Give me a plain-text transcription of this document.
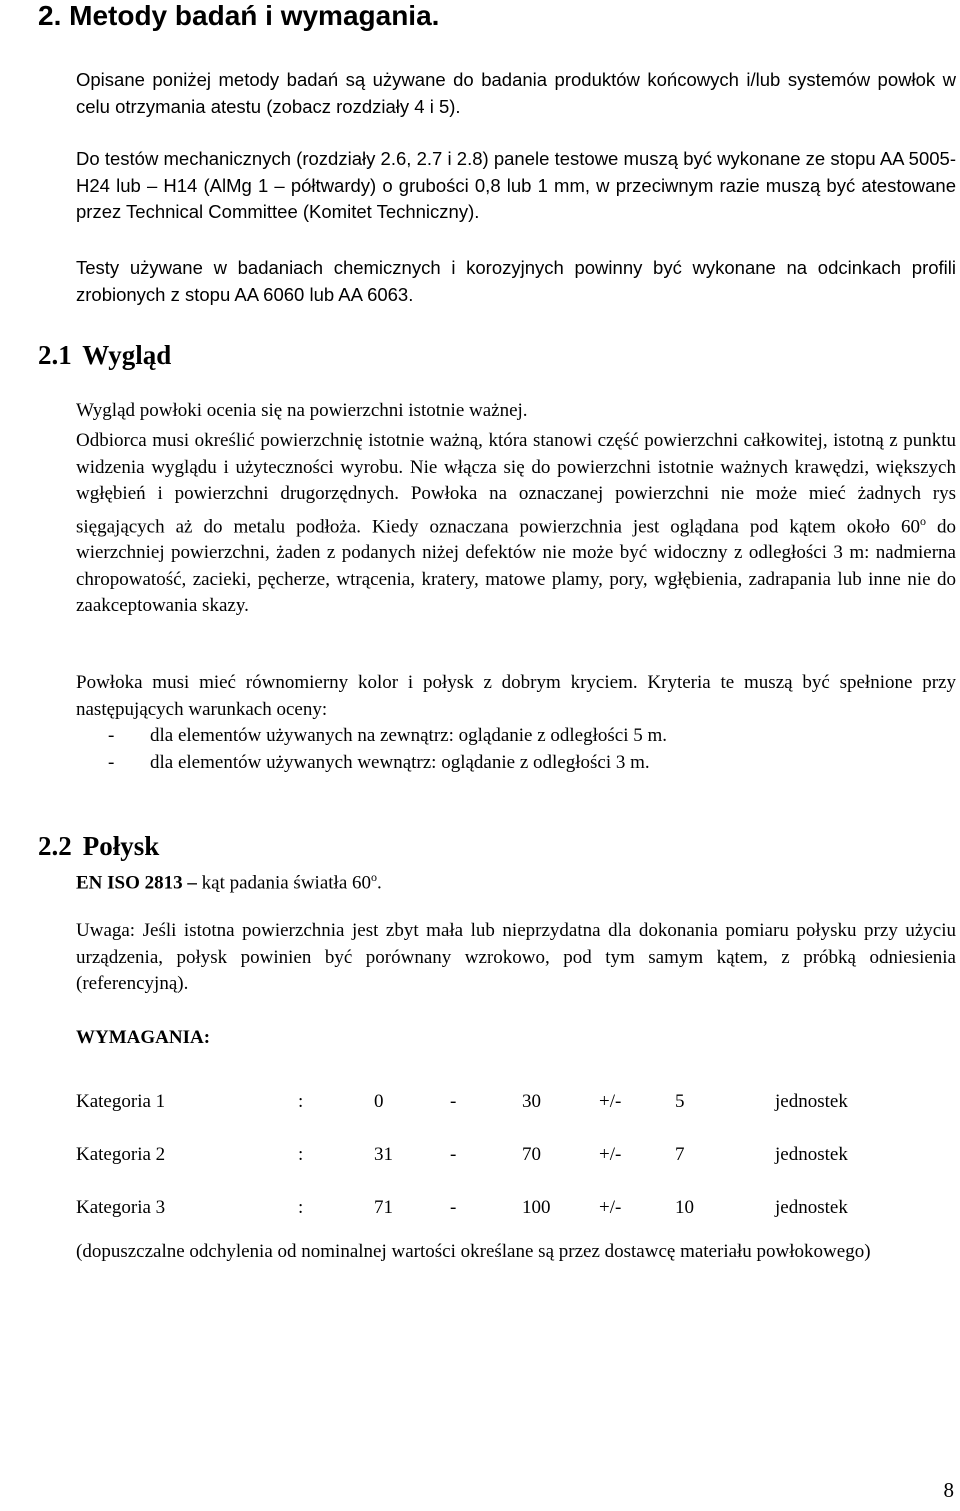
2. Metody badań i wymagania.

Opisane poniżej metody badań są używane do badania produktów końcowych i/lub systemów powłok w celu otrzymania atestu (zobacz rozdziały 4 i 5).

Do testów mechanicznych (rozdziały 2.6, 2.7 i 2.8) panele testowe muszą być wykonane ze stopu AA 5005-H24 lub – H14 (AlMg 1 – półtwardy) o grubości 0,8 lub 1 mm, w przeciwnym razie muszą być atestowane przez Technical Committee (Komitet Techniczny).

Testy używane w badaniach chemicznych i korozyjnych powinny być wykonane na odcinkach profili zrobionych z stopu AA 6060 lub AA 6063.

2.1 Wygląd

Wygląd powłoki ocenia się na powierzchni istotnie ważnej.

Odbiorca musi określić powierzchnię istotnie ważną, która stanowi część powierzchni całkowitej, istotną z punktu widzenia wyglądu i użyteczności wyrobu. Nie włącza się do powierzchni istotnie ważnych krawędzi, większych wgłębień i powierzchni drugorzędnych. Powłoka na oznaczanej powierzchni nie może mieć żadnych rys sięgających aż do metalu podłoża. Kiedy oznaczana powierzchnia jest oglądana pod kątem około 60$^o$ do wierzchniej powierzchni, żaden z podanych niżej defektów nie może być widoczny z odległości 3 m: nadmierna chropowatość, zacieki, pęcherze, wtrącenia, kratery, matowe plamy, pory, wgłębienia, zadrapania lub inne nie do zaakceptowania skazy.

Powłoka musi mieć równomierny kolor i połysk z dobrym kryciem. Kryteria te muszą być spełnione przy następujących warunkach oceny:

-	dla elementów używanych na zewnątrz: oglądanie z odległości 5 m.
-	dla elementów używanych wewnątrz: oglądanie z odległości 3 m.
2.2 Połysk

EN ISO 2813 – kąt padania światła 60$^o$.

Uwaga: Jeśli istotna powierzchnia jest zbyt mała lub nieprzydatna dla dokonania pomiaru połysku przy użyciu urządzenia, połysk powinien być porównany wzrokowo, pod tym samym kątem, z próbką odniesienia (referencyjną).

WYMAGANIA:

Kategoria 1	:	0	-	30	+/-	5	jednostek
Kategoria 2	:	31	-	70	+/-	7	jednostek
Kategoria 3	:	71	-	100	+/-	10	jednostek

(dopuszczalne odchylenia od nominalnej wartości określane są przez dostawcę materiału powłokowego)

8
